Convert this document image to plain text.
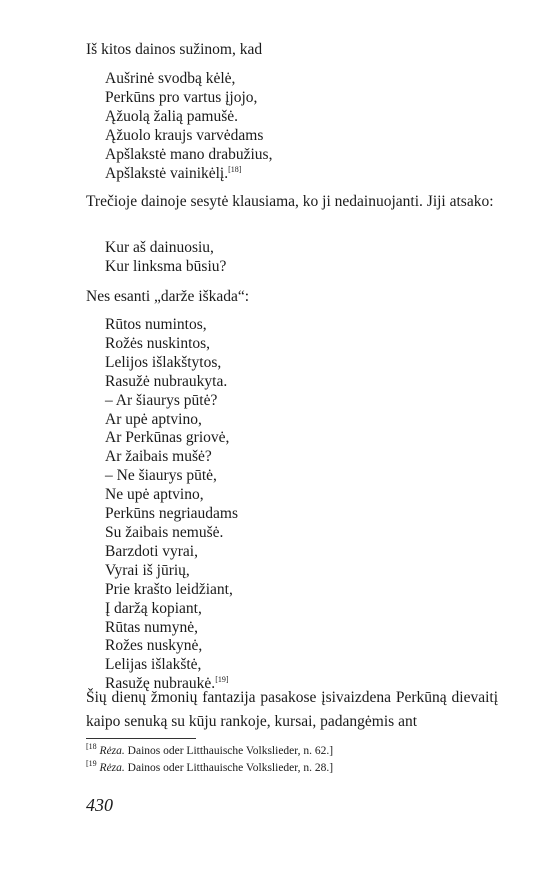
Iš kitos dainos sužinom, kad
Aušrinė svodbą kėlė,
Perkūns pro vartus įjojo,
Ąžuolą žalią pamušė.
Ąžuolo kraujs varvėdams
Apšlakstė mano drabužius,
Apšlakstė vainikėlį.[18]
Trečioje dainoje sesytė klausiama, ko ji nedainuojanti. Jiji atsako:
Kur aš dainuosiu,
Kur linksma būsiu?
Nes esanti „darže iškada“:
Rūtos numintos,
Rožės nuskintos,
Lelijos išlakštytos,
Rasužė nubraukyta.
– Ar šiaurys pūtė?
Ar upė aptvino,
Ar Perkūnas griovė,
Ar žaibais mušė?
– Ne šiaurys pūtė,
Ne upė aptvino,
Perkūns negriaudams
Su žaibais nemušė.
Barzdoti vyrai,
Vyrai iš jūrių,
Prie krašto leidžiant,
Į daržą kopiant,
Rūtas numynė,
Rožes nuskynė,
Lelijas išlakštė,
Rasužę nubraukė.[19]
Šių dienų žmonių fantazija pasakose įsivaizdena Perkūną dievaitį kaipo senuką su kūju rankoje, kursai, padangėmis ant
$^{[18}$ Rėza. Dainos oder Litthauische Volkslieder, n. 62.]
$^{[19}$ Rėza. Dainos oder Litthauische Volkslieder, n. 28.]
430
